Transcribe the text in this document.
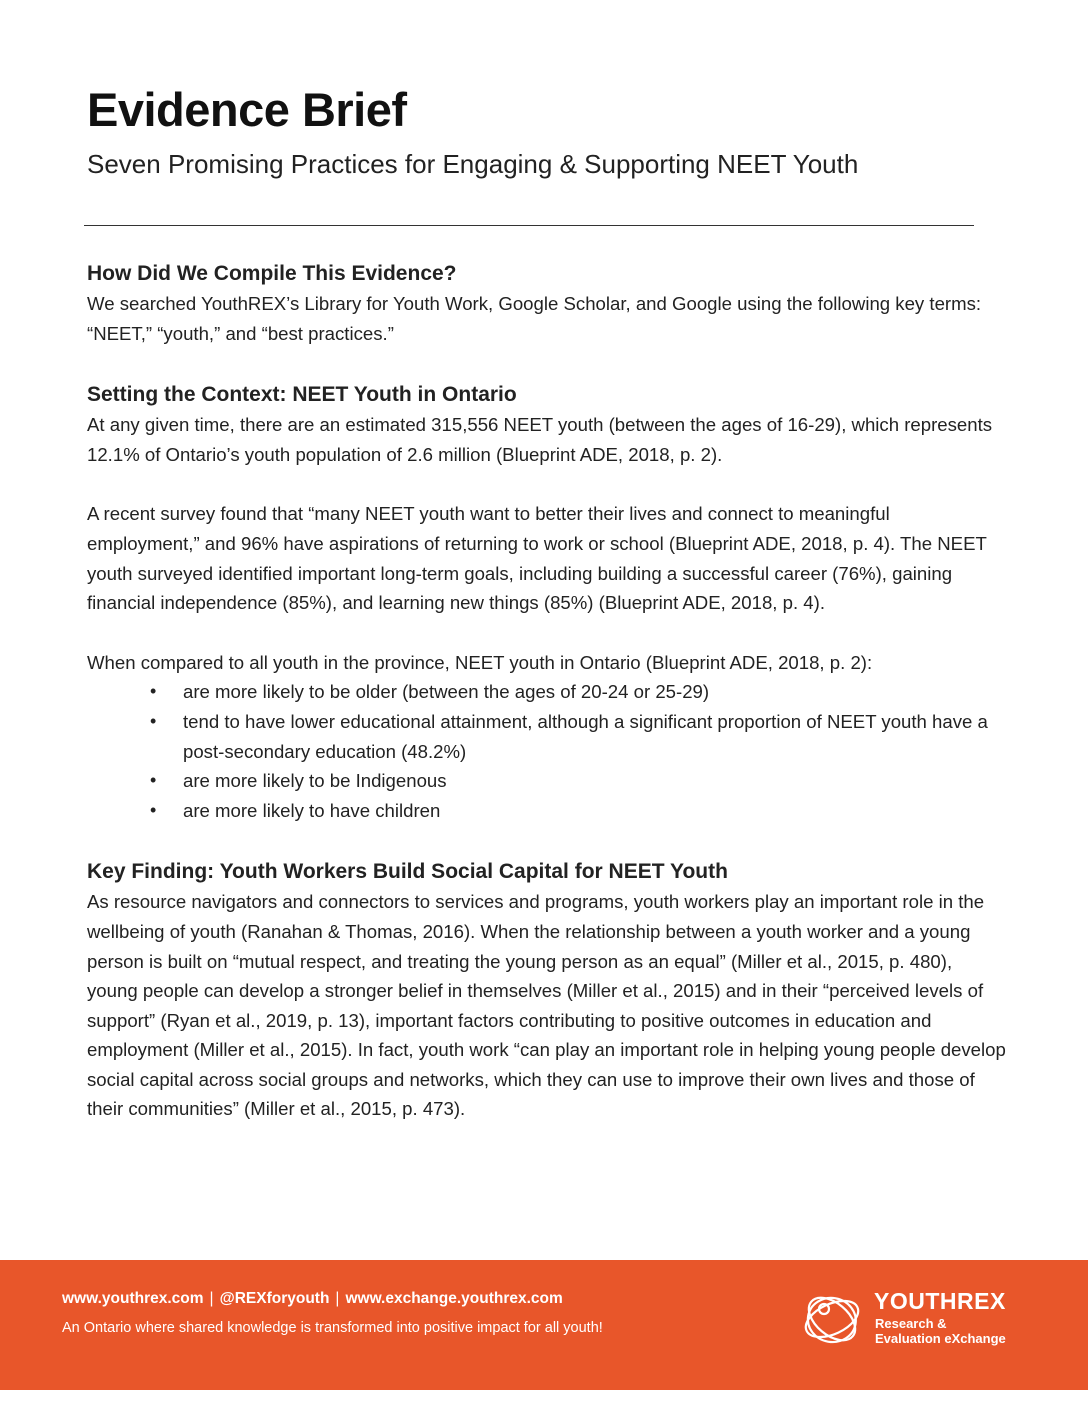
Evidence Brief
Seven Promising Practices for Engaging & Supporting NEET Youth
How Did We Compile This Evidence?

We searched YouthREX’s Library for Youth Work, Google Scholar, and Google using the following key terms: “NEET,” “youth,” and “best practices.”

Setting the Context: NEET Youth in Ontario

At any given time, there are an estimated 315,556 NEET youth (between the ages of 16-29), which represents 12.1% of Ontario’s youth population of 2.6 million (Blueprint ADE, 2018, p. 2).

A recent survey found that “many NEET youth want to better their lives and connect to meaningful employment,” and 96% have aspirations of returning to work or school (Blueprint ADE, 2018, p. 4). The NEET youth surveyed identified important long-term goals, including building a successful career (76%), gaining financial independence (85%), and learning new things (85%) (Blueprint ADE, 2018, p. 4).

When compared to all youth in the province, NEET youth in Ontario (Blueprint ADE, 2018, p. 2):

• are more likely to be older (between the ages of 20-24 or 25-29)
• tend to have lower educational attainment, although a significant proportion of NEET youth have a post-secondary education (48.2%)
• are more likely to be Indigenous
• are more likely to have children
Key Finding: Youth Workers Build Social Capital for NEET Youth

As resource navigators and connectors to services and programs, youth workers play an important role in the wellbeing of youth (Ranahan & Thomas, 2016). When the relationship between a youth worker and a young person is built on “mutual respect, and treating the young person as an equal” (Miller et al., 2015, p. 480), young people can develop a stronger belief in themselves (Miller et al., 2015) and in their “perceived levels of support” (Ryan et al., 2019, p. 13), important factors contributing to positive outcomes in education and employment (Miller et al., 2015). In fact, youth work “can play an important role in helping young people develop social capital across social groups and networks, which they can use to improve their own lives and those of their communities” (Miller et al., 2015, p. 473).

www.youthrex.com | @REXforyouth | www.exchange.youthrex.com
An Ontario where shared knowledge is transformed into positive impact for all youth!
YOUTHREX
Research &
Evaluation eXchange
